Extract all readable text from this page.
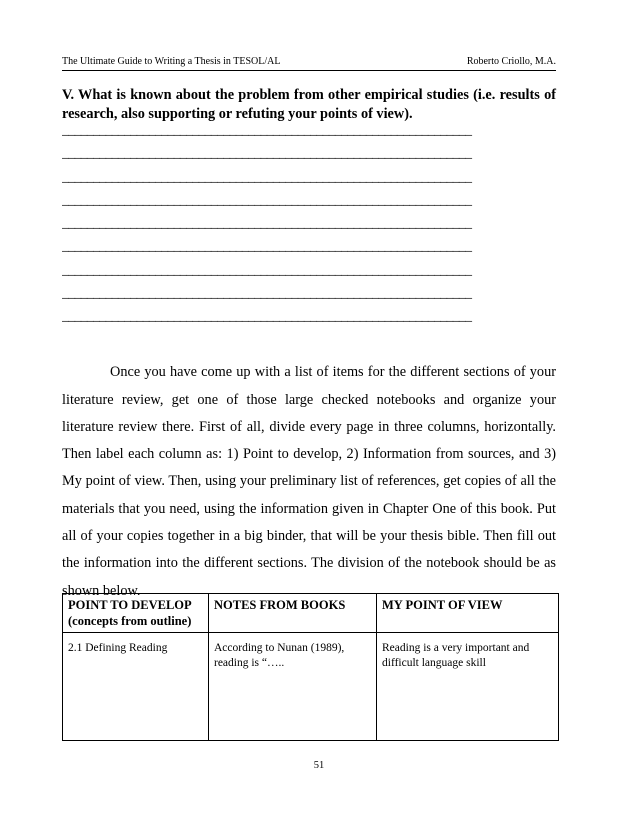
The Ultimate Guide to Writing a Thesis in TESOL/AL	Roberto Criollo, M.A.
V. What is known about the problem from other empirical studies (i.e. results of research, also supporting or refuting your points of view).
__________________________________________________________________
__________________________________________________________________
__________________________________________________________________
__________________________________________________________________
__________________________________________________________________
__________________________________________________________________
__________________________________________________________________
__________________________________________________________________
__________________________________________________________________

Once you have come up with a list of items for the different sections of your literature review, get one of those large checked notebooks and organize your literature review there. First of all, divide every page in three columns, horizontally. Then label each column as: 1) Point to develop, 2) Information from sources, and 3) My point of view. Then, using your preliminary list of references, get copies of all the materials that you need, using the information given in Chapter One of this book. Put all of your copies together in a big binder, that will be your thesis bible. Then fill out the information into the different sections. The division of the notebook should be as shown below.

POINT TO DEVELOP
(concepts from outline)	NOTES FROM BOOKS	MY POINT OF VIEW
2.1 Defining Reading	According to Nunan (1989), reading is “…..	Reading is a very important and difficult language skill
51
